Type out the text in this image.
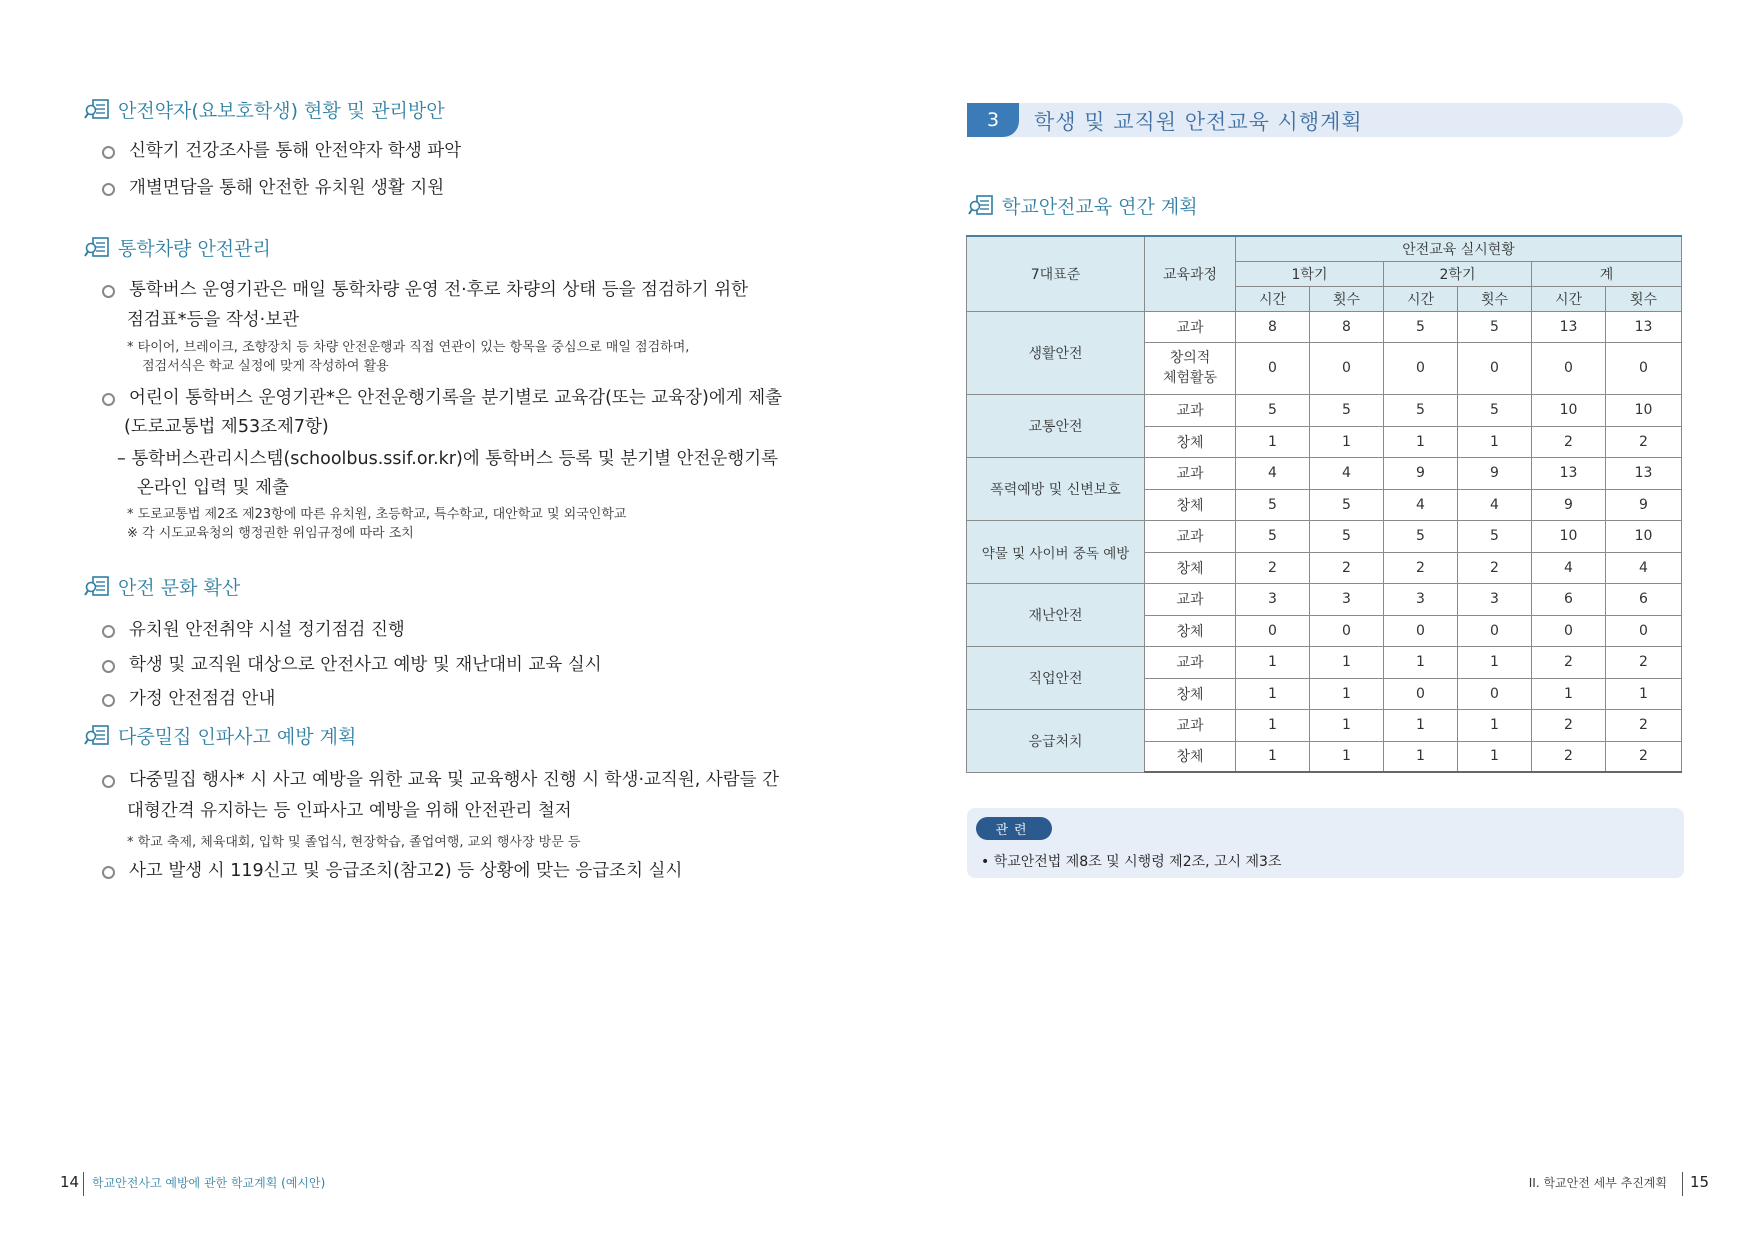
안전약자(요보호학생) 현황 및 관리방안
신학기 건강조사를 통해 안전약자 학생 파악
개별면담을 통해 안전한 유치원 생활 지원
통학차량 안전관리
통학버스 운영기관은 매일 통학차량 운영 전·후로 차량의 상태 등을 점검하기 위한
점검표*등을 작성·보관
* 타이어, 브레이크, 조향장치 등 차량 안전운행과 직접 연관이 있는 항목을 중심으로 매일 점검하며,
점검서식은 학교 실정에 맞게 작성하여 활용
어린이 통학버스 운영기관*은 안전운행기록을 분기별로 교육감(또는 교육장)에게 제출
(도로교통법 제53조제7항)
– 통학버스관리시스템(schoolbus.ssif.or.kr)에 통학버스 등록 및 분기별 안전운행기록
온라인 입력 및 제출
* 도로교통법 제2조 제23항에 따른 유치원, 초등학교, 특수학교, 대안학교 및 외국인학교
※ 각 시도교육청의 행정권한 위임규정에 따라 조치
안전 문화 확산
유치원 안전취약 시설 정기점검 진행
학생 및 교직원 대상으로 안전사고 예방 및 재난대비 교육 실시
가정 안전점검 안내
다중밀집 인파사고 예방 계획
다중밀집 행사* 시 사고 예방을 위한 교육 및 교육행사 진행 시 학생·교직원, 사람들 간
대형간격 유지하는 등 인파사고 예방을 위해 안전관리 철저
* 학교 축제, 체육대회, 입학 및 졸업식, 현장학습, 졸업여행, 교외 행사장 방문 등
사고 발생 시 119신고 및 응급조치(참고2) 등 상황에 맞는 응급조치 실시
3	학생 및 교직원 안전교육 시행계획
학교안전교육 연간 계획
7대표준	교육과정	안전교육 실시현황					
		1학기		2학기		계	
		시간	횟수	시간	횟수	시간	횟수
생활안전	교과	8	8	5	5	13	13
	창의적
체험활동	0	0	0	0	0	0
교통안전	교과	5	5	5	5	10	10
	창체	1	1	1	1	2	2
폭력예방 및 신변보호	교과	4	4	9	9	13	13
	창체	5	5	4	4	9	9
약물 및 사이버 중독 예방	교과	5	5	5	5	10	10
	창체	2	2	2	2	4	4
재난안전	교과	3	3	3	3	6	6
	창체	0	0	0	0	0	0
직업안전	교과	1	1	1	1	2	2
	창체	1	1	0	0	1	1
응급처치	교과	1	1	1	1	2	2
	창체	1	1	1	1	2	2
관련
• 학교안전법 제8조 및 시행령 제2조, 고시 제3조
14 학교안전사고 예방에 관한 학교계획 (예시안)	II. 학교안전 세부 추진계획 15
